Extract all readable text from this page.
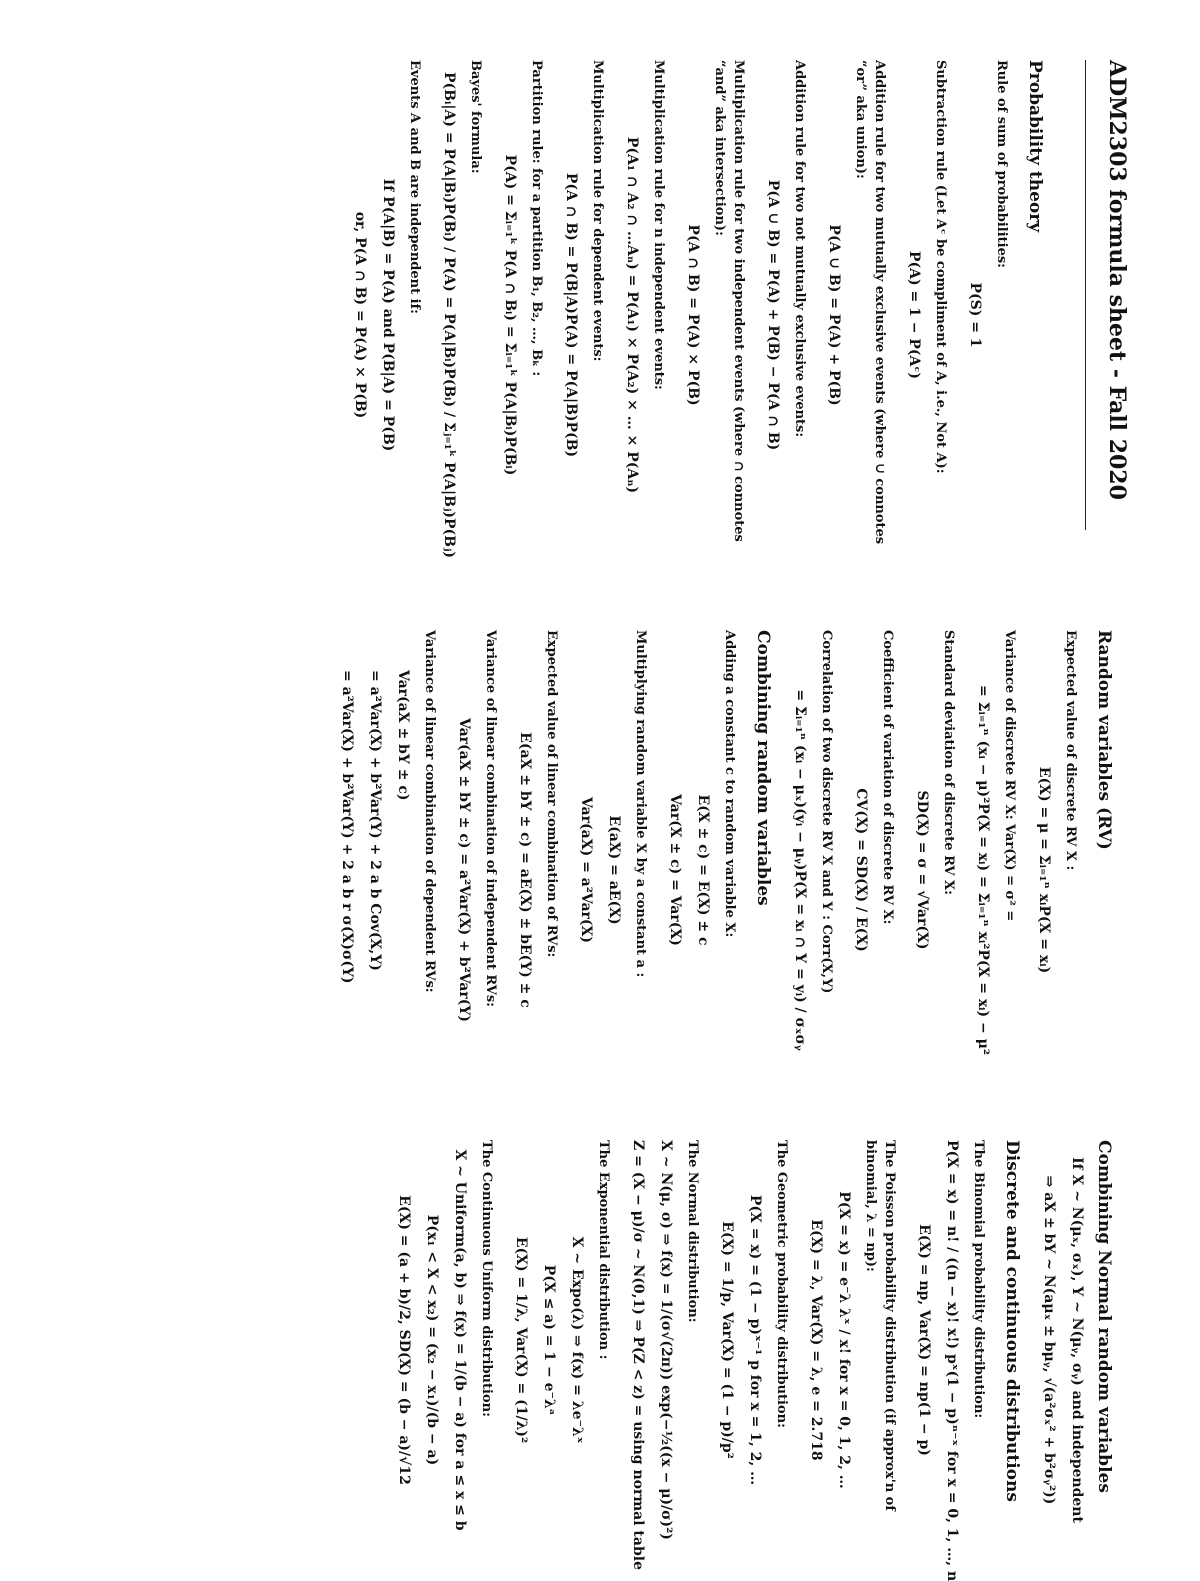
ADM2303 formula sheet - Fall 2020
Probability theory
Rule of sum of probabilities:
P(S) = 1
Subtraction rule (Let Aᶜ be compliment of A, i.e., Not A):
P(A) = 1 − P(Aᶜ)
Addition rule for two mutually exclusive events (where ∪ connotes “or” aka union):
P(A ∪ B) = P(A) + P(B)
Addition rule for two not mutually exclusive events:
P(A ∪ B) = P(A) + P(B) − P(A ∩ B)
Multiplication rule for two independent events (where ∩ connotes “and” aka intersection):
P(A ∩ B) = P(A) × P(B)
Multiplication rule for n independent events:
P(A₁ ∩ A₂ ∩ …Aₙ) = P(A₁) × P(A₂) × … × P(Aₙ)
Multiplication rule for dependent events:
P(A ∩ B) = P(B|A)P(A) = P(A|B)P(B)
Partition rule: for a partition B₁, B₂, …, Bₖ :
P(A) = Σᵢ₌₁ᵏ P(A ∩ Bᵢ) = Σᵢ₌₁ᵏ P(A|Bᵢ)P(Bᵢ)
Bayes' formula:
P(Bᵢ|A) = P(A|Bᵢ)P(Bᵢ) / P(A) = P(A|Bᵢ)P(Bᵢ) / Σⱼ₌₁ᵏ P(A|Bⱼ)P(Bⱼ)
Events A and B are independent if:
If P(A|B) = P(A) and P(B|A) = P(B)
or, P(A ∩ B) = P(A) × P(B)
Random variables (RV)
Expected value of discrete RV X :
E(X) = μ = Σᵢ₌₁ⁿ xᵢP(X = xᵢ)
Variance of discrete RV X: Var(X) = σ² =
= Σᵢ₌₁ⁿ (xᵢ − μ)²P(X = xᵢ) = Σᵢ₌₁ⁿ xᵢ²P(X = xᵢ) − μ²
Standard deviation of discrete RV X:
SD(X) = σ = √Var(X)
Coefficient of variation of discrete RV X:
CV(X) = SD(X) / E(X)
Correlation of two discrete RV X and Y : Corr(X,Y)
= Σᵢ₌₁ⁿ (xᵢ − μₓ)(yᵢ − μᵧ)P(X = xᵢ ∩ Y = yᵢ) / σₓσᵧ
Combining random variables
Adding a constant c to random variable X:
E(X ± c) = E(X) ± c
Var(X ± c) = Var(X)
Multiplying random variable X by a constant a :
E(aX) = aE(X)
Var(aX) = a²Var(X)
Expected value of linear combination of RVs:
E(aX ± bY ± c) = aE(X) ± bE(Y) ± c
Variance of linear combination of independent RVs:
Var(aX ± bY ± c) = a²Var(X) + b²Var(Y)
Variance of linear combination of dependent RVs:
Var(aX ± bY ± c)
= a²Var(X) + b²Var(Y) + 2 a b Cov(X,Y)
= a²Var(X) + b²Var(Y) + 2 a b r σ(X)σ(Y)
Combining Normal random variables
If X ~ N(μₓ, σₓ), Y ~ N(μᵧ, σᵧ) and independent
⇒ aX ± bY ~ N(aμₓ ± bμᵧ, √(a²σₓ² + b²σᵧ²))
Discrete and continuous distributions
The Binomial probability distribution:
P(X = x) = n! / ((n − x)! x!) pˣ(1 − p)ⁿ⁻ˣ for x = 0, 1, …, n
E(X) = np, Var(X) = np(1 − p)
The Poisson probability distribution (if approx'n of binomial, λ = np):
P(X = x) = e⁻λ λˣ / x! for x = 0, 1, 2, …
E(X) = λ, Var(X) = λ, e = 2.718
The Geometric probability distribution:
P(X = x) = (1 − p)ˣ⁻¹ p for x = 1, 2, …
E(X) = 1/p, Var(X) = (1 − p)/p²
The Normal distribution:
X ~ N(μ, σ) ⇒ f(x) = 1/(σ√(2π)) exp(−½((x − μ)/σ)²)
Z = (X − μ)/σ ~ N(0,1) ⇒ P(Z < z) = using normal table
The Exponential distribution :
X ~ Expo(λ) ⇒ f(x) = λe⁻λˣ
P(X ≤ a) = 1 − e⁻λᵃ
E(X) = 1/λ, Var(X) = (1/λ)²
The Continuous Uniform distribution:
X ~ Uniform(a, b) ⇒ f(x) = 1/(b − a) for a ≤ x ≤ b
P(x₁ < X < x₂) = (x₂ − x₁)/(b − a)
E(X) = (a + b)/2, SD(X) = (b − a)/√12
